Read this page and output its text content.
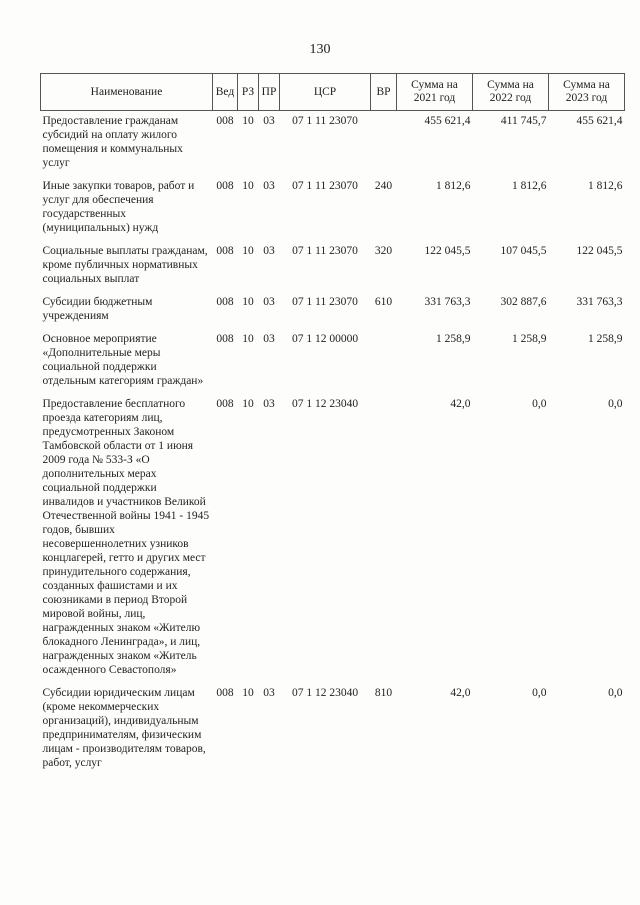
130
Наименование	Вед	РЗ	ПР	ЦСР	ВР	Сумма на 2021 год	Сумма на 2022 год	Сумма на 2023 год
Предоставление гражданам субсидий на оплату жилого помещения и коммунальных услуг	008	10	03	07 1 11 23070		455 621,4	411 745,7	455 621,4
Иные закупки товаров, работ и услуг для обеспечения государственных (муниципальных) нужд	008	10	03	07 1 11 23070	240	1 812,6	1 812,6	1 812,6
Социальные выплаты гражданам, кроме публичных нормативных социальных выплат	008	10	03	07 1 11 23070	320	122 045,5	107 045,5	122 045,5
Субсидии бюджетным учреждениям	008	10	03	07 1 11 23070	610	331 763,3	302 887,6	331 763,3
Основное мероприятие «Дополнительные меры социальной поддержки отдельным категориям граждан»	008	10	03	07 1 12 00000		1 258,9	1 258,9	1 258,9
Предоставление бесплатного проезда категориям лиц, предусмотренных Законом Тамбовской области от 1 июня 2009 года № 533-З «О дополнительных мерах социальной поддержки инвалидов и участников Великой Отечественной войны 1941 - 1945 годов, бывших несовершеннолетних узников концлагерей, гетто и других мест принудительного содержания, созданных фашистами и их союзниками в период Второй мировой войны, лиц, награжденных знаком «Жителю блокадного Ленинграда», и лиц, награжденных знаком «Житель осажденного Севастополя»	008	10	03	07 1 12 23040		42,0	0,0	0,0
Субсидии юридическим лицам (кроме некоммерческих организаций), индивидуальным предпринимателям, физическим лицам - производителям товаров, работ, услуг	008	10	03	07 1 12 23040	810	42,0	0,0	0,0
